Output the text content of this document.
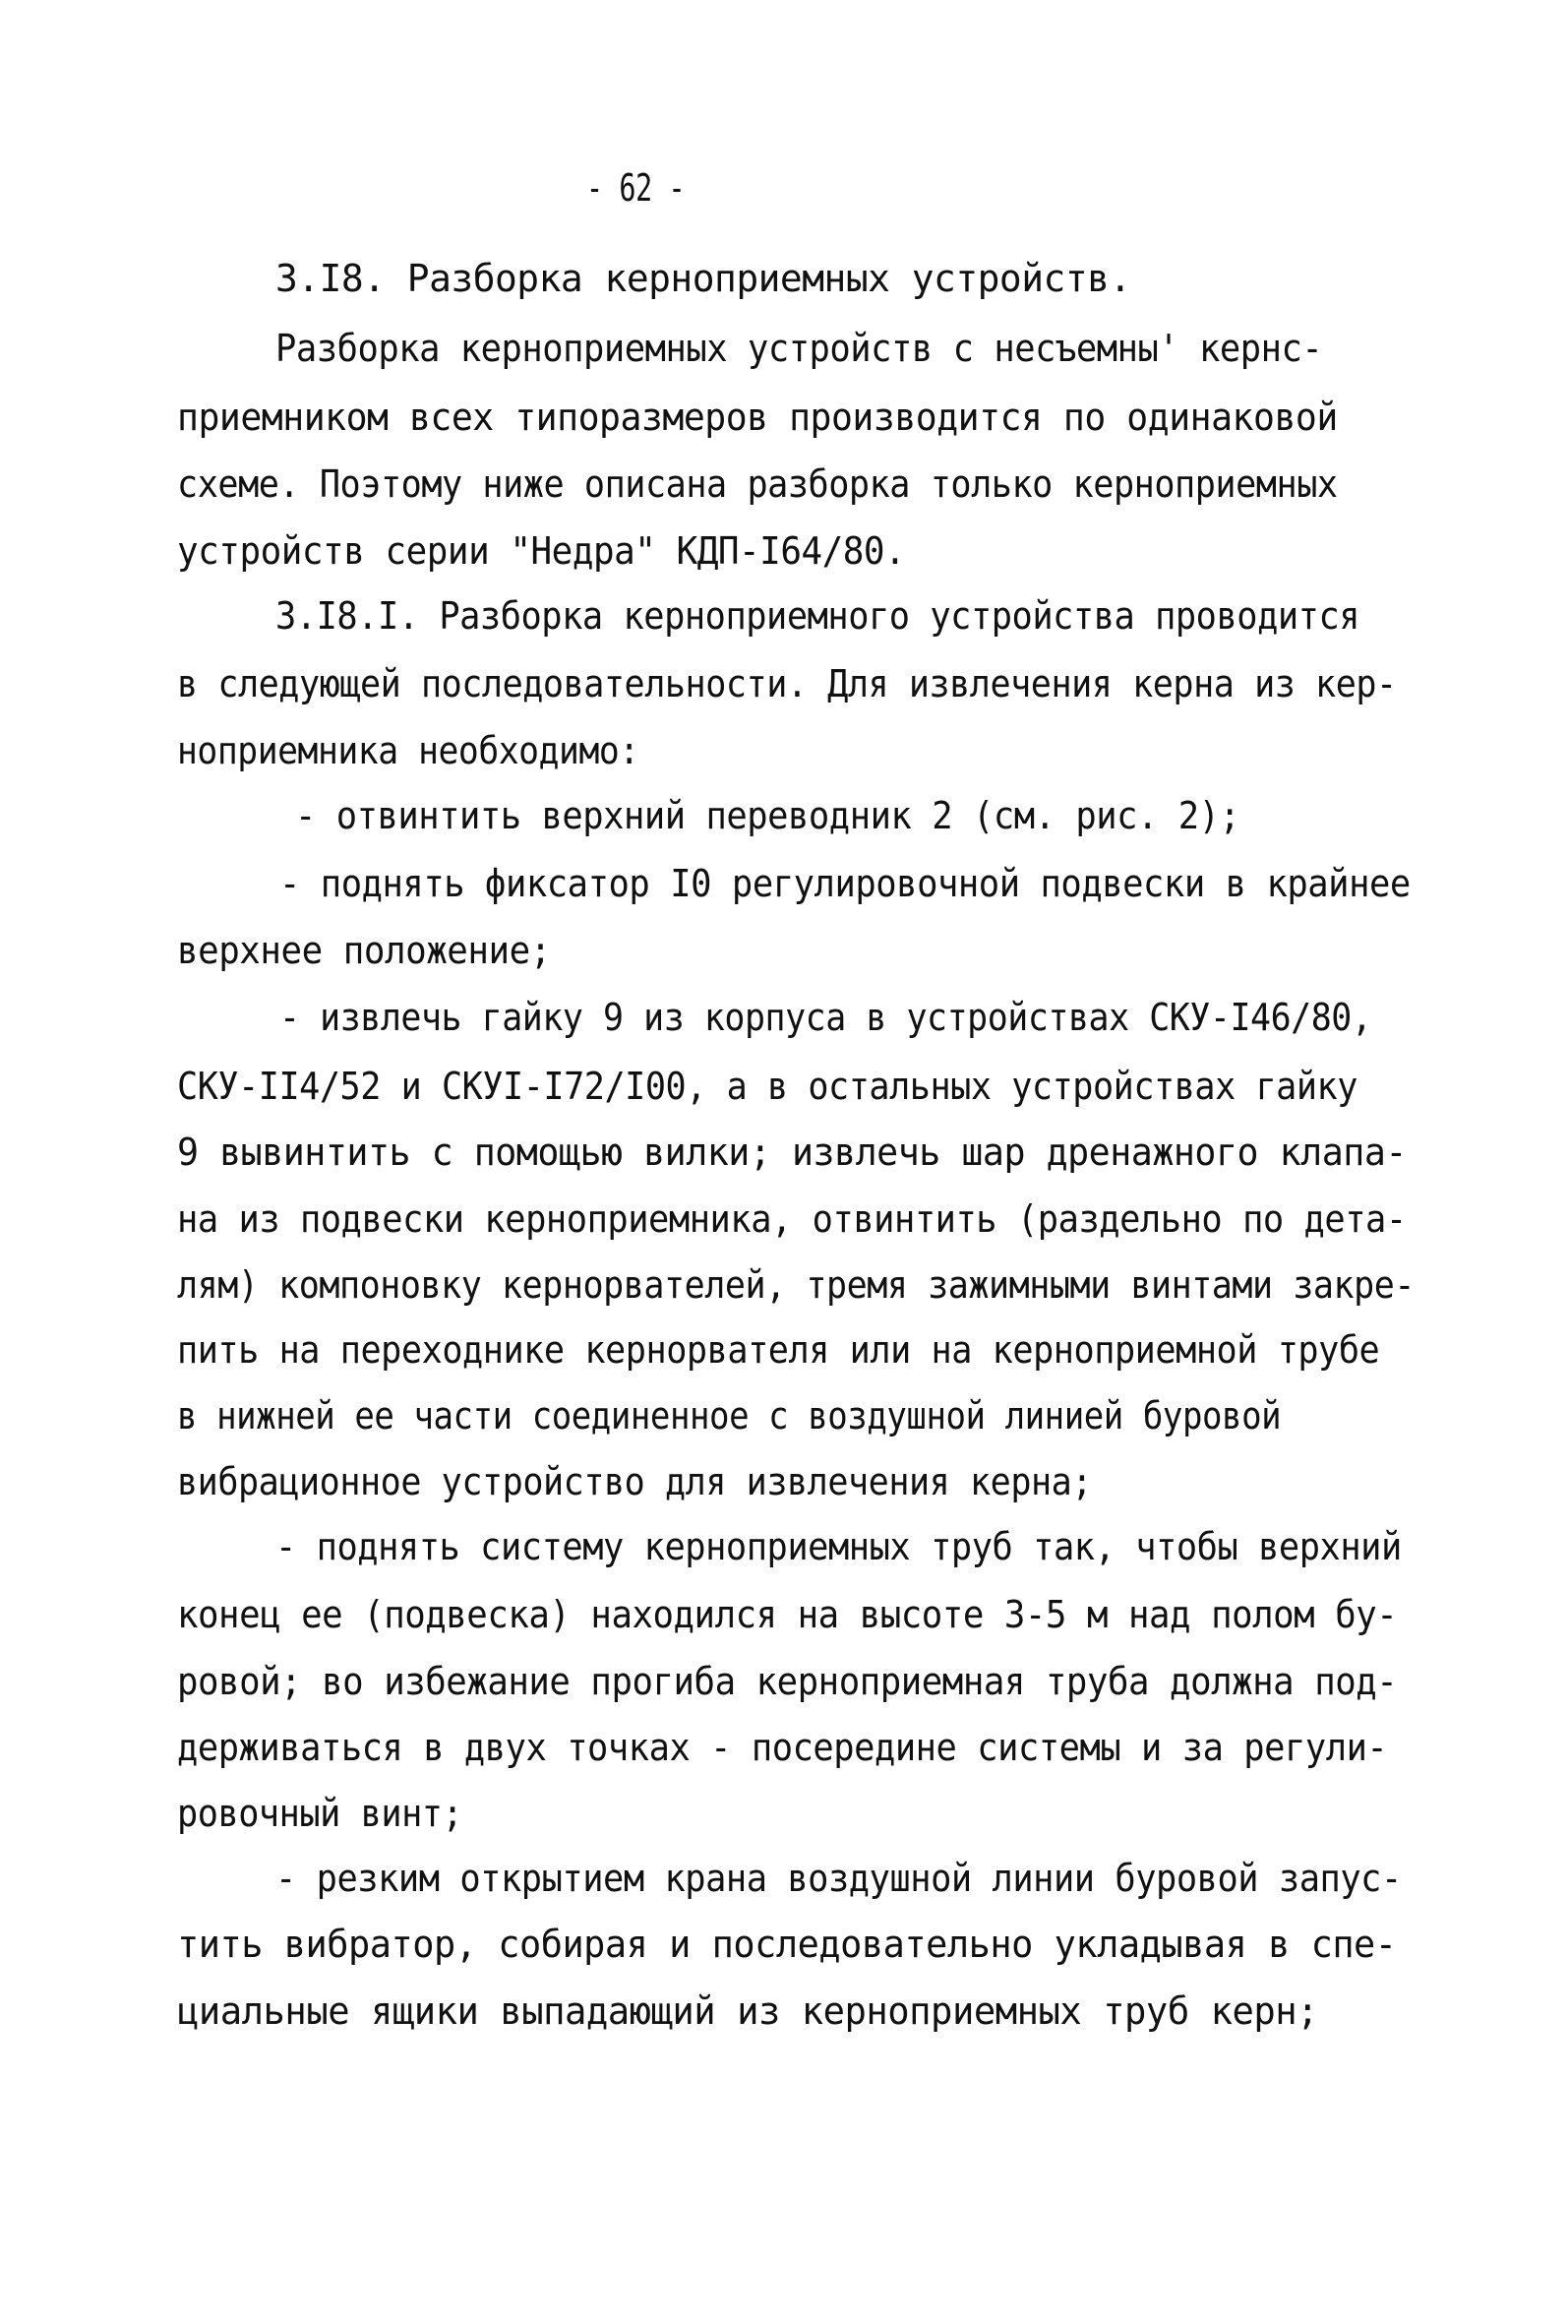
- 62 -
3.I8. Разборка керноприемных устройств.
Разборка керноприемных устройств с несъемны' кернс-
приемником всех типоразмеров производится по одинаковой
схеме. Поэтому ниже описана разборка только керноприемных
устройств серии "Недра" КДП-I64/80.
3.I8.I. Разборка керноприемного устройства проводится
в следующей последовательности. Для извлечения керна из кер-
ноприемника необходимо:
- отвинтить верхний переводник 2 (см. рис. 2);
- поднять фиксатор I0 регулировочной подвески в крайнее
верхнее положение;
- извлечь гайку 9 из корпуса в устройствах СКУ-I46/80,
СКУ-II4/52 и СКУI-I72/I00, а в остальных устройствах гайку
9 вывинтить с помощью вилки; извлечь шар дренажного клапа-
на из подвески керноприемника, отвинтить (раздельно по дета-
лям) компоновку кернорвателей, тремя зажимными винтами закре-
пить на переходнике кернорвателя или на керноприемной трубе
в нижней ее части соединенное с воздушной линией буровой
вибрационное устройство для извлечения керна;
- поднять систему керноприемных труб так, чтобы верхний
конец ее (подвеска) находился на высоте 3-5 м над полом бу-
ровой; во избежание прогиба керноприемная труба должна под-
держиваться в двух точках - посередине системы и за регули-
ровочный винт;
- резким открытием крана воздушной линии буровой запус-
тить вибратор, собирая и последовательно укладывая в спе-
циальные ящики выпадающий из керноприемных труб керн;
